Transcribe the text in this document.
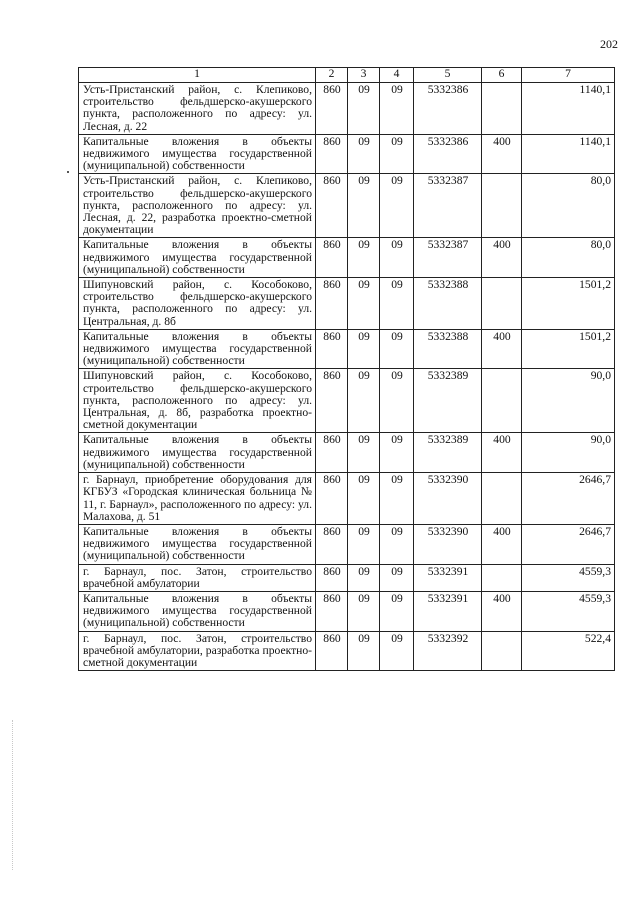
202
1	2	3	4	5	6	7
Усть-Пристанский район, с. Клепиково, строительство фельдшерско-акушерского пункта, расположенного по адресу: ул. Лесная, д. 22	860	09	09	5332386		1140,1
Капитальные вложения в объекты недвижимого имущества государственной (муниципальной) собственности	860	09	09	5332386	400	1140,1
Усть-Пристанский район, с. Клепиково, строительство фельдшерско-акушерского пункта, расположенного по адресу: ул. Лесная, д. 22, разработка проектно-сметной документации	860	09	09	5332387		80,0
Капитальные вложения в объекты недвижимого имущества государственной (муниципальной) собственности	860	09	09	5332387	400	80,0
Шипуновский район, с. Кособоково, строительство фельдшерско-акушерского пункта, расположенного по адресу: ул. Центральная, д. 8б	860	09	09	5332388		1501,2
Капитальные вложения в объекты недвижимого имущества государственной (муниципальной) собственности	860	09	09	5332388	400	1501,2
Шипуновский район, с. Кособоково, строительство фельдшерско-акушерского пункта, расположенного по адресу: ул. Центральная, д. 8б, разработка проектно-сметной документации	860	09	09	5332389		90,0
Капитальные вложения в объекты недвижимого имущества государственной (муниципальной) собственности	860	09	09	5332389	400	90,0
г. Барнаул, приобретение оборудования для КГБУЗ «Городская клиническая больница № 11, г. Барнаул», расположенного по адресу: ул. Малахова, д. 51	860	09	09	5332390		2646,7
Капитальные вложения в объекты недвижимого имущества государственной (муниципальной) собственности	860	09	09	5332390	400	2646,7
г. Барнаул, пос. Затон, строительство врачебной амбулатории	860	09	09	5332391		4559,3
Капитальные вложения в объекты недвижимого имущества государственной (муниципальной) собственности	860	09	09	5332391	400	4559,3
г. Барнаул, пос. Затон, строительство врачебной амбулатории, разработка проектно-сметной документации	860	09	09	5332392		522,4
